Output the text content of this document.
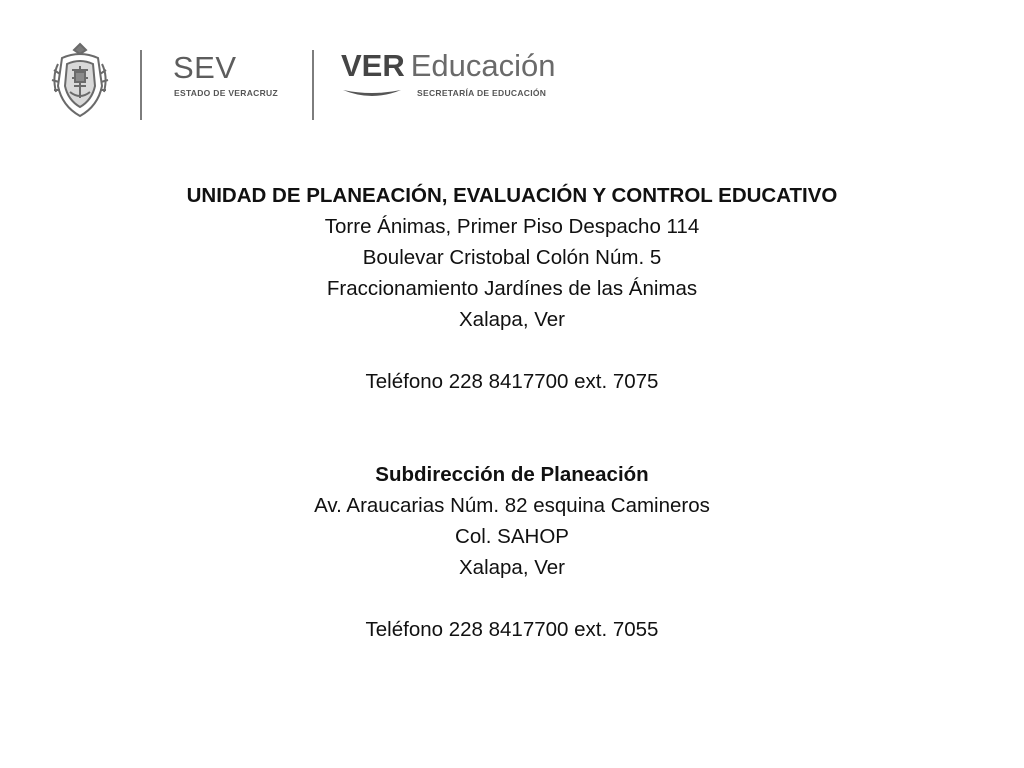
SEV
ESTADO DE VERACRUZ
VER Educación
SECRETARÍA DE EDUCACIÓN

UNIDAD DE PLANEACIÓN, EVALUACIÓN Y CONTROL EDUCATIVO

Torre Ánimas, Primer Piso Despacho 114

Boulevar Cristobal Colón Núm. 5

Fraccionamiento Jardínes de las Ánimas

Xalapa, Ver

Teléfono 228 8417700 ext. 7075

Subdirección de Planeación

Av. Araucarias Núm. 82 esquina Camineros

Col. SAHOP

Xalapa, Ver

Teléfono 228 8417700 ext. 7055
